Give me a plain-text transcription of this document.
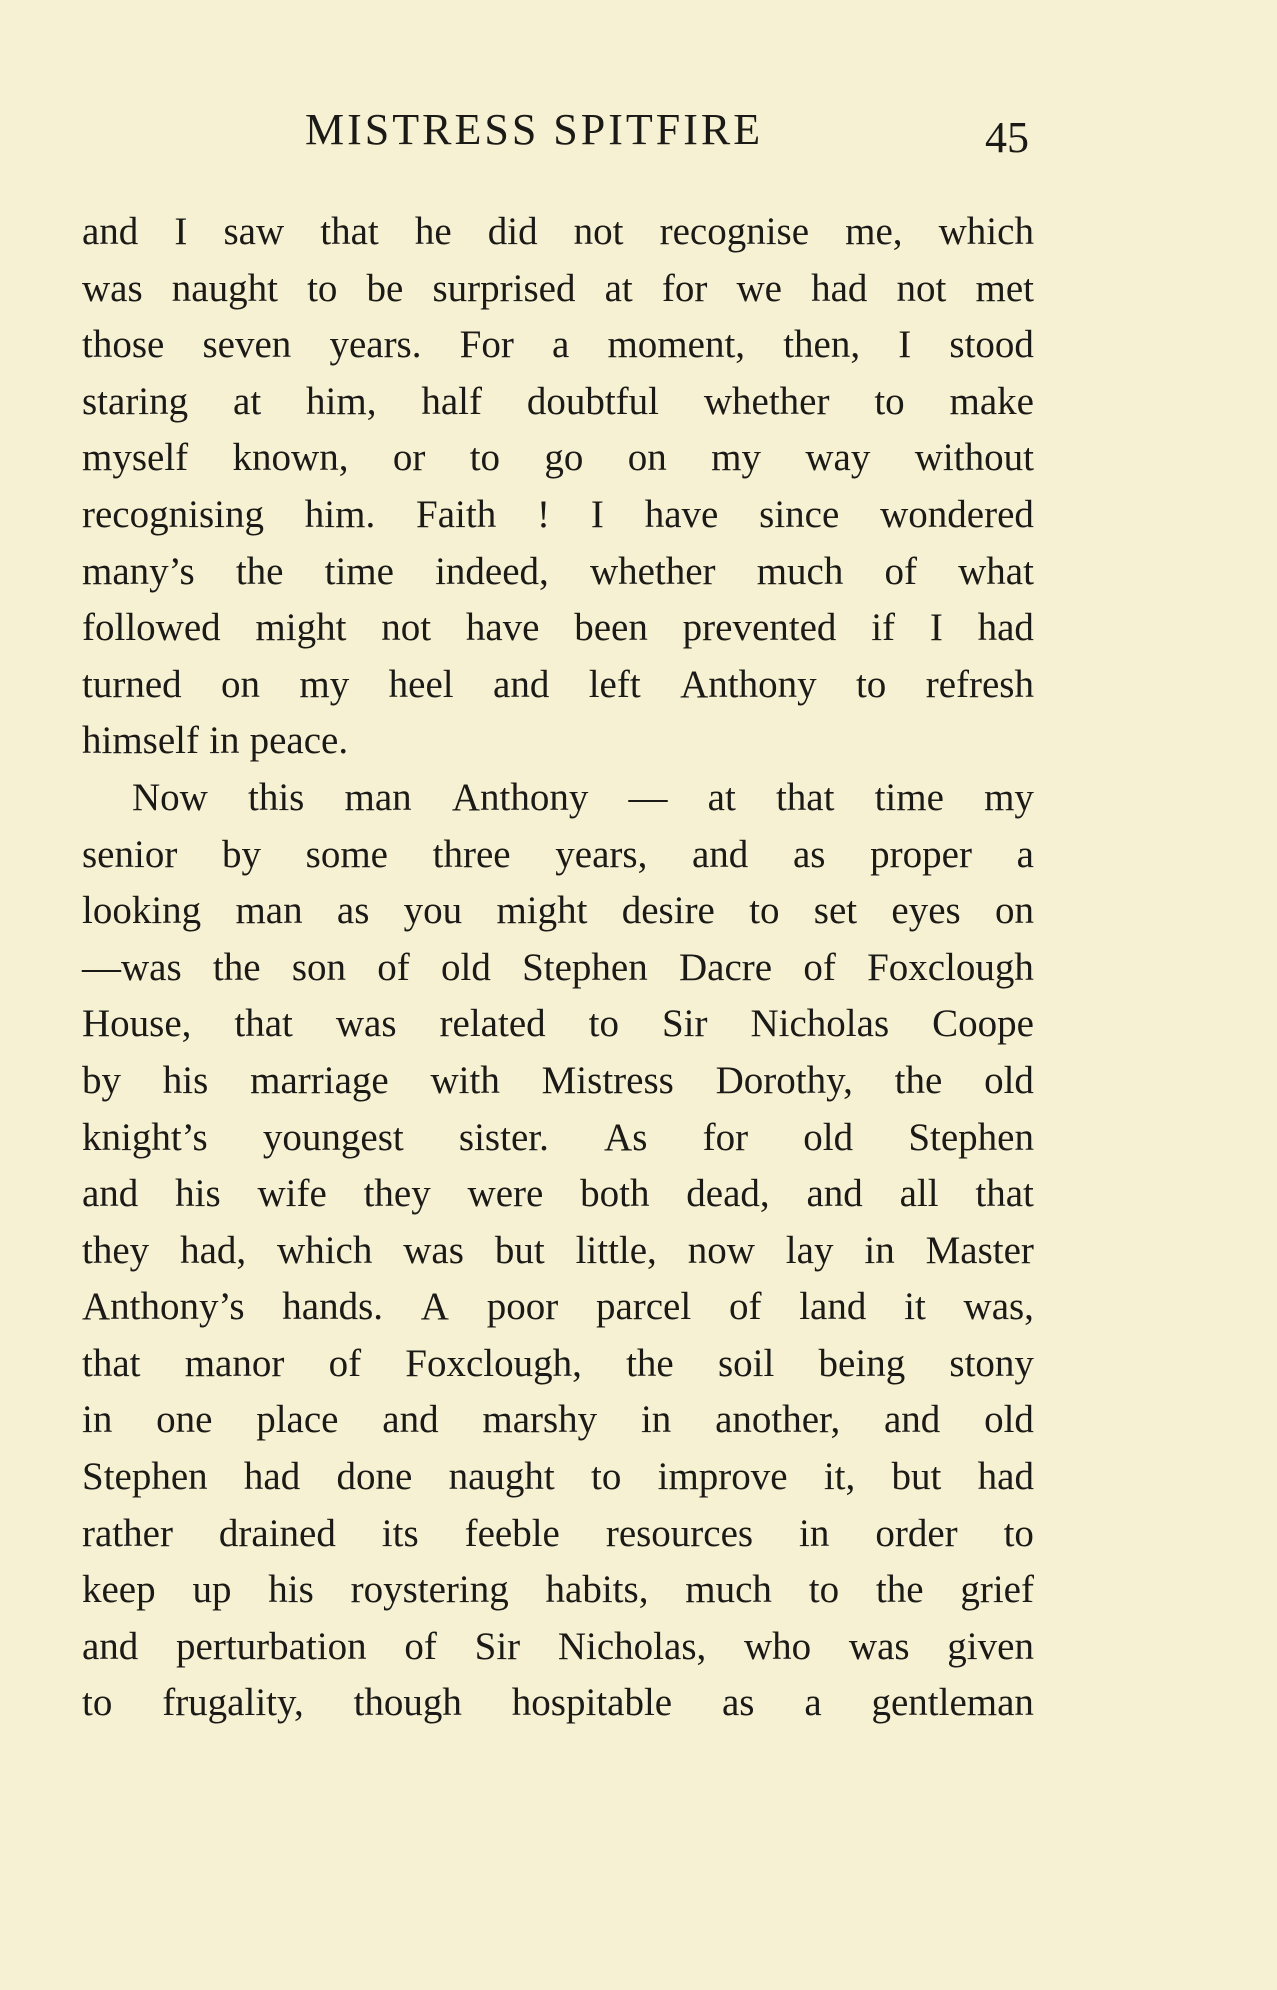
MISTRESS SPITFIRE	45
and I saw that he did not recognise me, which
was naught to be surprised at for we had not met
those seven years. For a moment, then, I stood
staring at him, half doubtful whether to make
myself known, or to go on my way without
recognising him. Faith ! I have since wondered
many’s the time indeed, whether much of what
followed might not have been prevented if I had
turned on my heel and left Anthony to refresh
himself in peace.
Now this man Anthony — at that time my
senior by some three years, and as proper a
looking man as you might desire to set eyes on
—was the son of old Stephen Dacre of Foxclough
House, that was related to Sir Nicholas Coope
by his marriage with Mistress Dorothy, the old
knight’s youngest sister. As for old Stephen
and his wife they were both dead, and all that
they had, which was but little, now lay in Master
Anthony’s hands. A poor parcel of land it was,
that manor of Foxclough, the soil being stony
in one place and marshy in another, and old
Stephen had done naught to improve it, but had
rather drained its feeble resources in order to
keep up his roystering habits, much to the grief
and perturbation of Sir Nicholas, who was given
to frugality, though hospitable as a gentleman
